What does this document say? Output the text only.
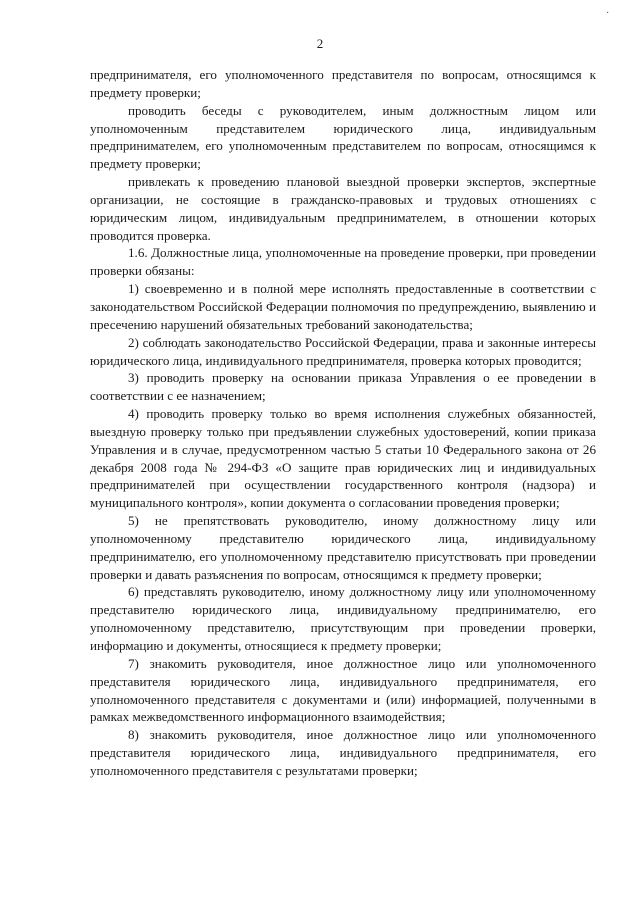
·
2

предпринимателя, его уполномоченного представителя по вопросам, относящимся к предмету проверки;

проводить беседы с руководителем, иным должностным лицом или уполномоченным представителем юридического лица, индивидуальным предпринимателем, его уполномоченным представителем по вопросам, относящимся к предмету проверки;

привлекать к проведению плановой выездной проверки экспертов, экспертные организации, не состоящие в гражданско-правовых и трудовых отношениях с юридическим лицом, индивидуальным предпринимателем, в отношении которых проводится проверка.

1.6. Должностные лица, уполномоченные на проведение проверки, при проведении проверки обязаны:

1) своевременно и в полной мере исполнять предоставленные в соответствии с законодательством Российской Федерации полномочия по предупреждению, выявлению и пресечению нарушений обязательных требований законодательства;

2) соблюдать законодательство Российской Федерации, права и законные интересы юридического лица, индивидуального предпринимателя, проверка которых проводится;

3) проводить проверку на основании приказа Управления о ее проведении в соответствии с ее назначением;

4) проводить проверку только во время исполнения служебных обязанностей, выездную проверку только при предъявлении служебных удостоверений, копии приказа Управления и в случае, предусмотренном частью 5 статьи 10 Федерального закона от 26 декабря 2008 года № 294-ФЗ «О защите прав юридических лиц и индивидуальных предпринимателей при осуществлении государственного контроля (надзора) и муниципального контроля», копии документа о согласовании проведения проверки;

5) не препятствовать руководителю, иному должностному лицу или уполномоченному представителю юридического лица, индивидуальному предпринимателю, его уполномоченному представителю присутствовать при проведении проверки и давать разъяснения по вопросам, относящимся к предмету проверки;

6) представлять руководителю, иному должностному лицу или уполномоченному представителю юридического лица, индивидуальному предпринимателю, его уполномоченному представителю, присутствующим при проведении проверки, информацию и документы, относящиеся к предмету проверки;

7) знакомить руководителя, иное должностное лицо или уполномоченного представителя юридического лица, индивидуального предпринимателя, его уполномоченного представителя с документами и (или) информацией, полученными в рамках межведомственного информационного взаимодействия;

8) знакомить руководителя, иное должностное лицо или уполномоченного представителя юридического лица, индивидуального предпринимателя, его уполномоченного представителя с результатами проверки;
